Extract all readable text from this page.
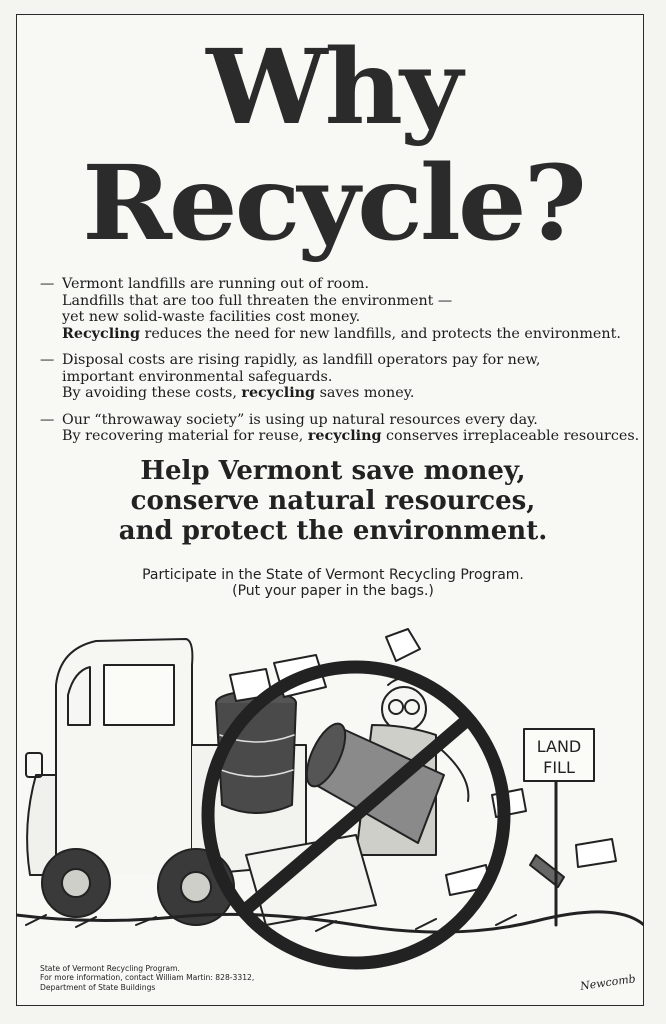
Why
Recycle?
— Vermont landfills are running out of room.
Landfills that are too full threaten the environment —
yet new solid-waste facilities cost money.
Recycling reduces the need for new landfills, and protects the environment.
— Disposal costs are rising rapidly, as landfill operators pay for new,
important environmental safeguards.
By avoiding these costs, recycling saves money.
— Our “throwaway society” is using up natural resources every day.
By recovering material for reuse, recycling conserves irreplaceable resources.
Help Vermont save money,
conserve natural resources,
and protect the environment.
Participate in the State of Vermont Recycling Program.
(Put your paper in the bags.)
LAND
FILL
State of Vermont Recycling Program.
For more information, contact William Martin: 828-3312,
Department of State Buildings	Newcomb
